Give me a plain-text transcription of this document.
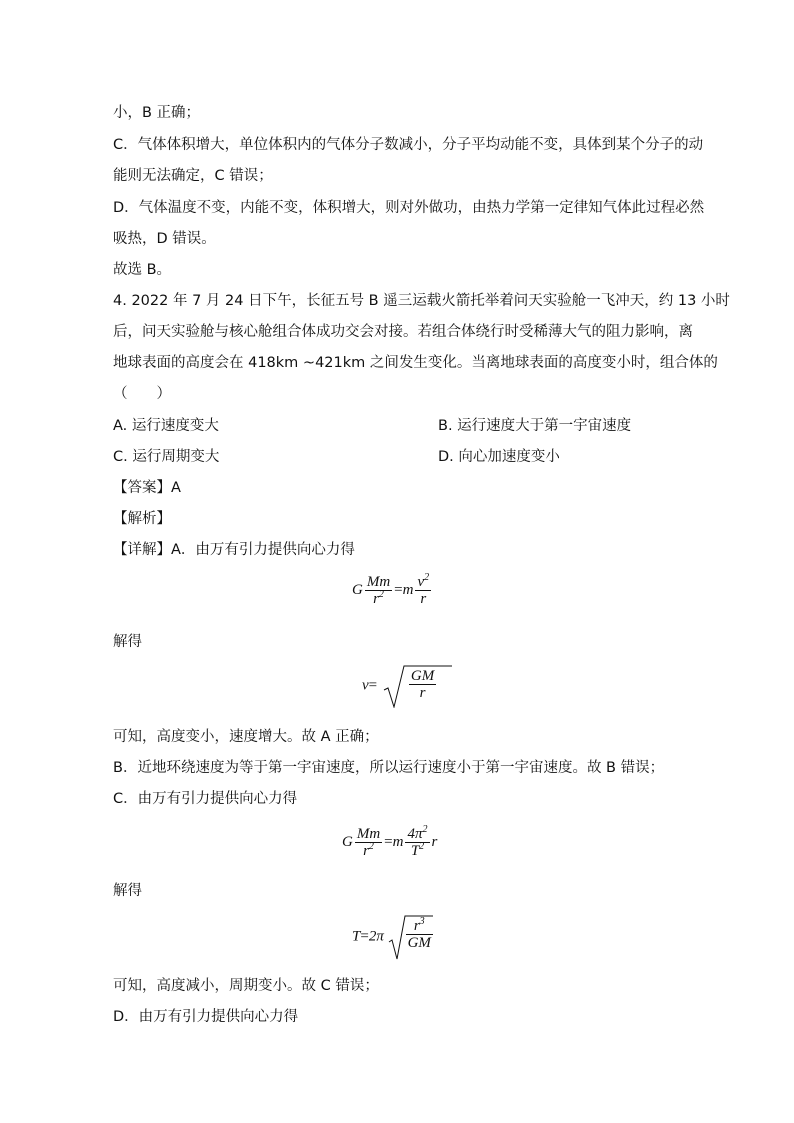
小，B 正确；
C．气体体积增大，单位体积内的气体分子数减小，分子平均动能不变，具体到某个分子的动
能则无法确定，C 错误；
D．气体温度不变，内能不变，体积增大，则对外做功，由热力学第一定律知气体此过程必然
吸热，D 错误。
故选 B。
4. 2022 年 7 月 24 日下午，长征五号 B 遥三运载火箭托举着问天实验舱一飞冲天，约 13 小时
后，问天实验舱与核心舱组合体成功交会对接。若组合体绕行时受稀薄大气的阻力影响，离
地球表面的高度会在 418km ~421km 之间发生变化。当离地球表面的高度变小时，组合体的
（　　）
A. 运行速度变大	B. 运行速度大于第一宇宙速度
C. 运行周期变大	D. 向心加速度变小
【答案】A
【解析】
【详解】A．由万有引力提供向心力得
G $\frac{Mm}{r^2} =m \frac{v^2}{r}$
解得
$v= \frac{GM}{r}$
可知，高度变小，速度增大。故 A 正确；
B．近地环绕速度为等于第一宇宙速度，所以运行速度小于第一宇宙速度。故 B 错误；
C．由万有引力提供向心力得
G $\frac{Mm}{r^2} =m \frac{4\pi^2}{T^2}$ r
解得
$T=2\pi \frac{r^3}{GM}$
可知，高度减小，周期变小。故 C 错误；
D．由万有引力提供向心力得
